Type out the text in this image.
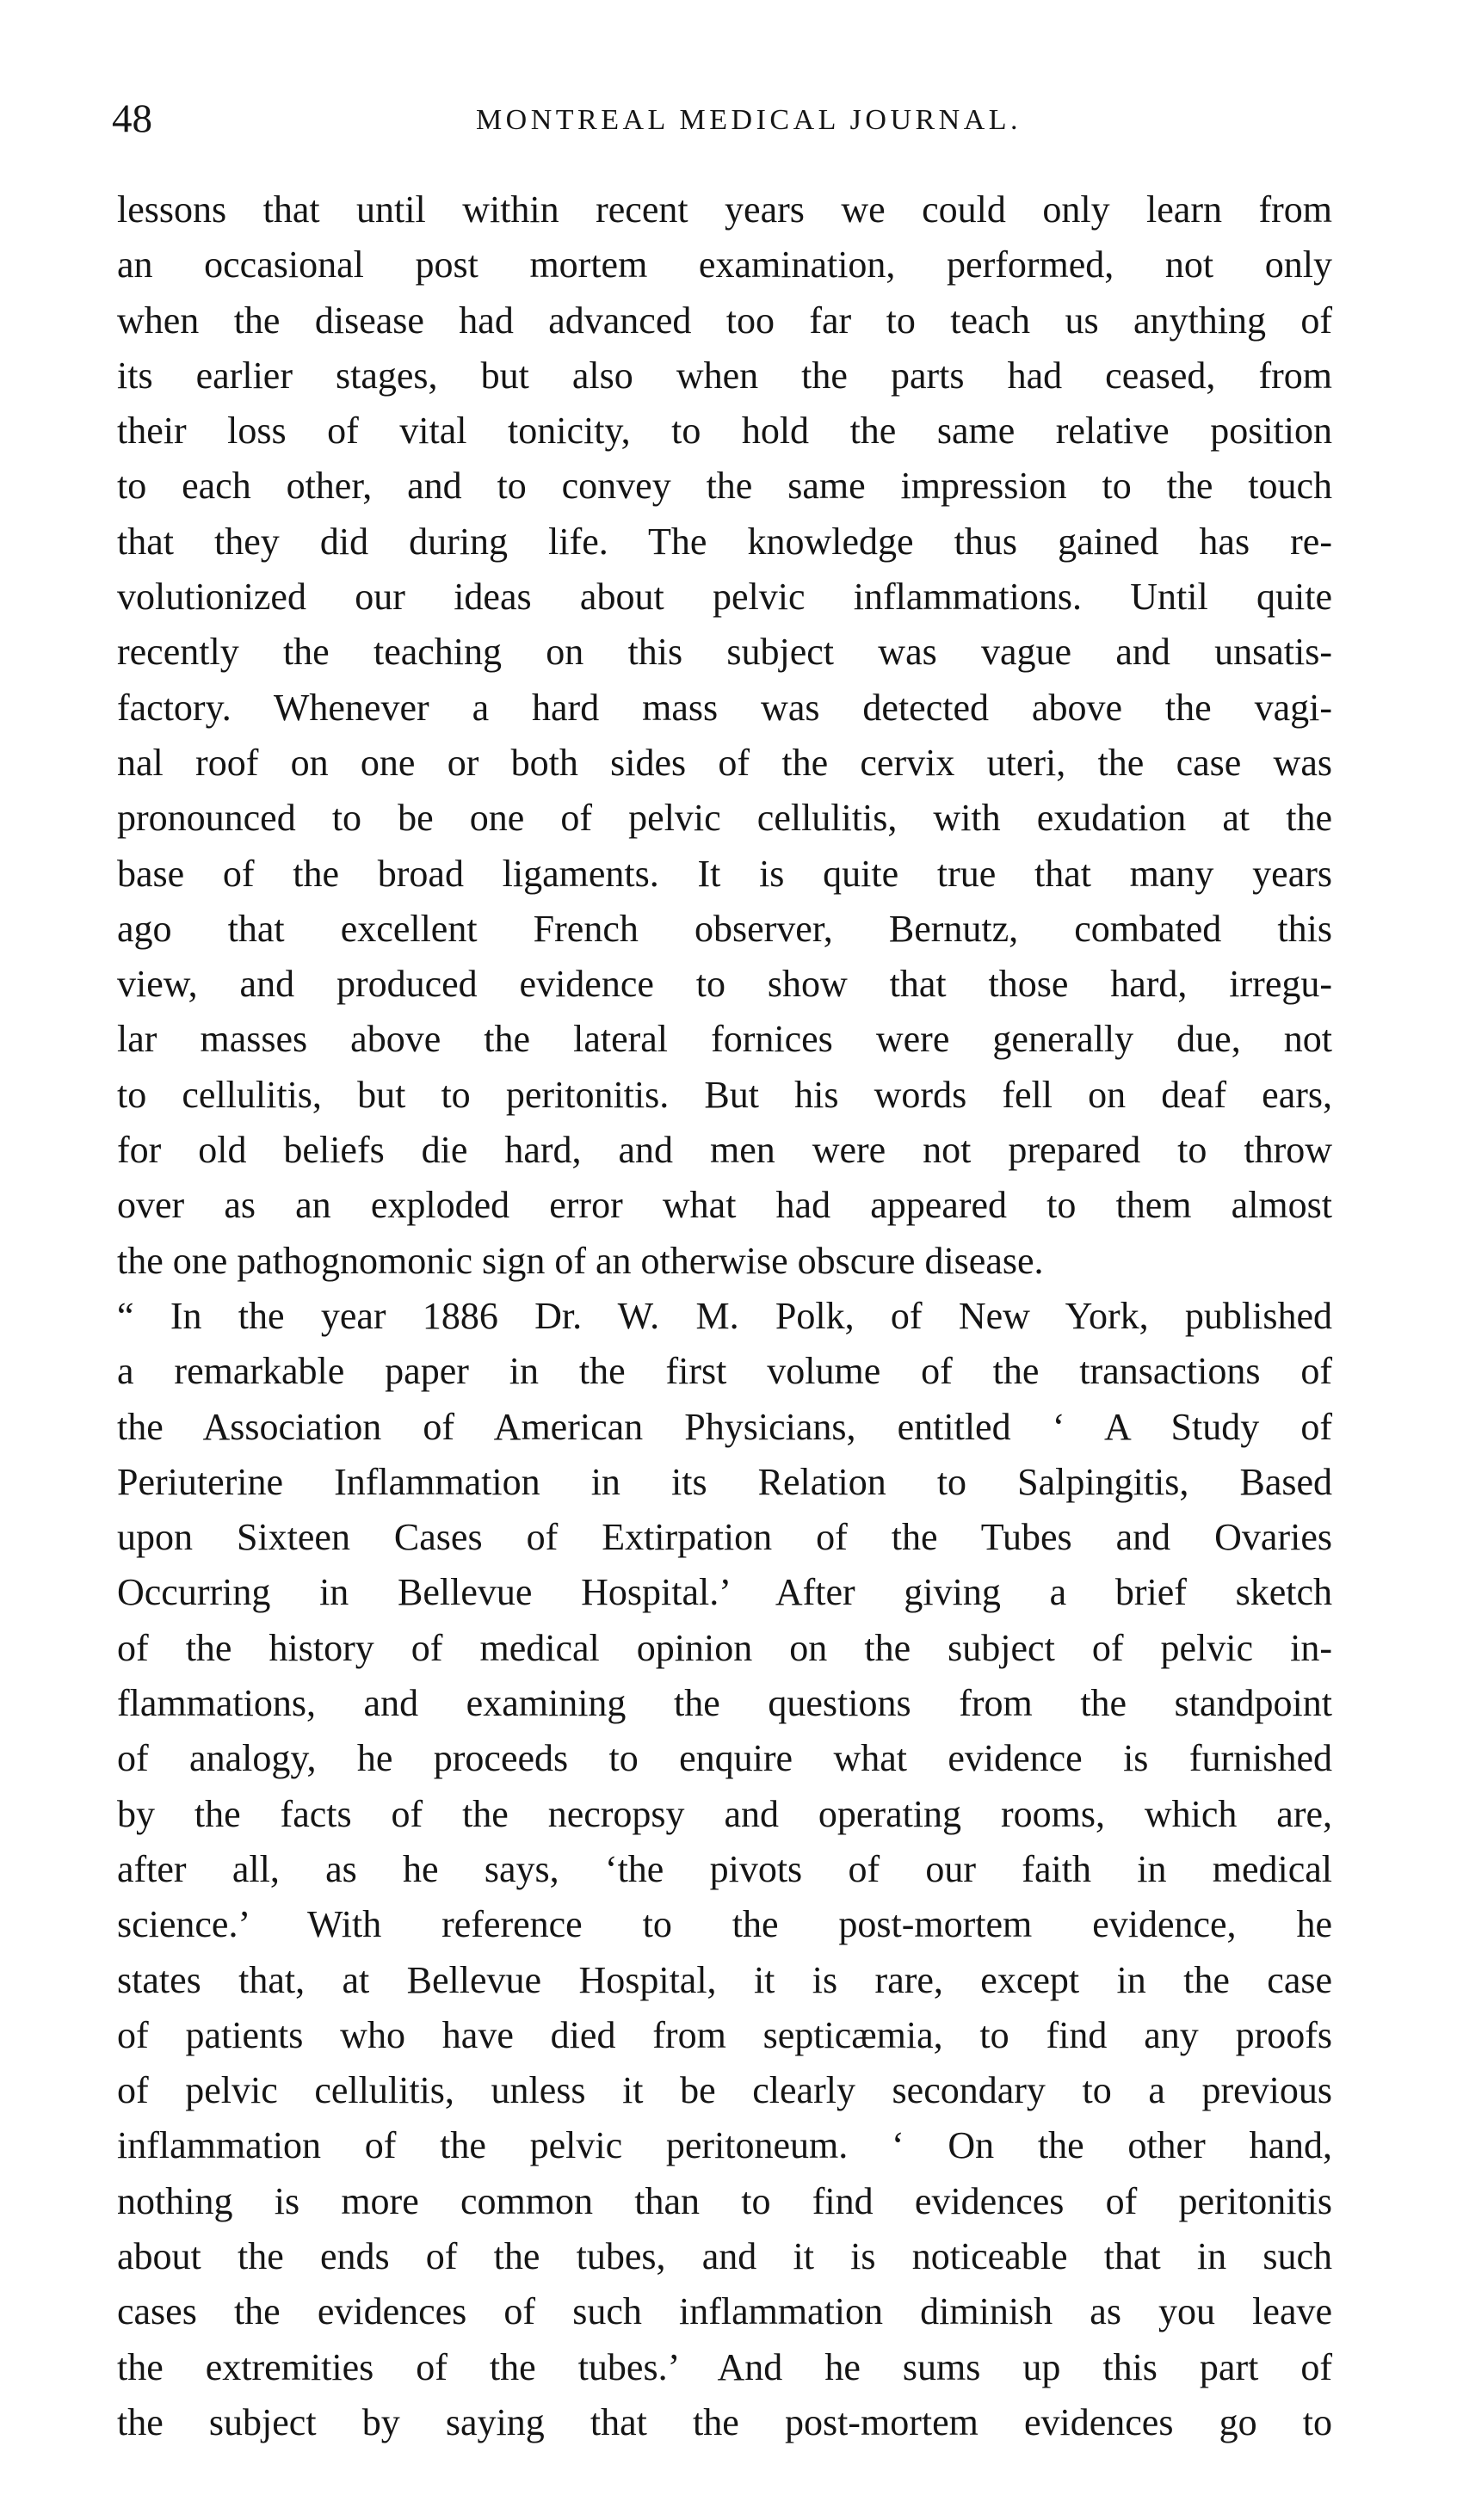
48	MONTREAL MEDICAL JOURNAL.
lessons that until within recent years we could only learn from
an occasional post mortem examination, performed, not only
when the disease had advanced too far to teach us anything of
its earlier stages, but also when the parts had ceased, from
their loss of vital tonicity, to hold the same relative position
to each other, and to convey the same impression to the touch
that they did during life. The knowledge thus gained has re-
volutionized our ideas about pelvic inflammations. Until quite
recently the teaching on this subject was vague and unsatis-
factory. Whenever a hard mass was detected above the vagi-
nal roof on one or both sides of the cervix uteri, the case was
pronounced to be one of pelvic cellulitis, with exudation at the
base of the broad ligaments. It is quite true that many years
ago that excellent French observer, Bernutz, combated this
view, and produced evidence to show that those hard, irregu-
lar masses above the lateral fornices were generally due, not
to cellulitis, but to peritonitis. But his words fell on deaf ears,
for old beliefs die hard, and men were not prepared to throw
over as an exploded error what had appeared to them almost
the one pathognomonic sign of an otherwise obscure disease.
“ In the year 1886 Dr. W. M. Polk, of New York, published
a remarkable paper in the first volume of the transactions of
the Association of American Physicians, entitled ‘ A Study of
Periuterine Inflammation in its Relation to Salpingitis, Based
upon Sixteen Cases of Extirpation of the Tubes and Ovaries
Occurring in Bellevue Hospital.’ After giving a brief sketch
of the history of medical opinion on the subject of pelvic in-
flammations, and examining the questions from the standpoint
of analogy, he proceeds to enquire what evidence is furnished
by the facts of the necropsy and operating rooms, which are,
after all, as he says, ‘the pivots of our faith in medical
science.’ With reference to the post-mortem evidence, he
states that, at Bellevue Hospital, it is rare, except in the case
of patients who have died from septicæmia, to find any proofs
of pelvic cellulitis, unless it be clearly secondary to a previous
inflammation of the pelvic peritoneum. ‘ On the other hand,
nothing is more common than to find evidences of peritonitis
about the ends of the tubes, and it is noticeable that in such
cases the evidences of such inflammation diminish as you leave
the extremities of the tubes.’ And he sums up this part of
the subject by saying that the post-mortem evidences go to
